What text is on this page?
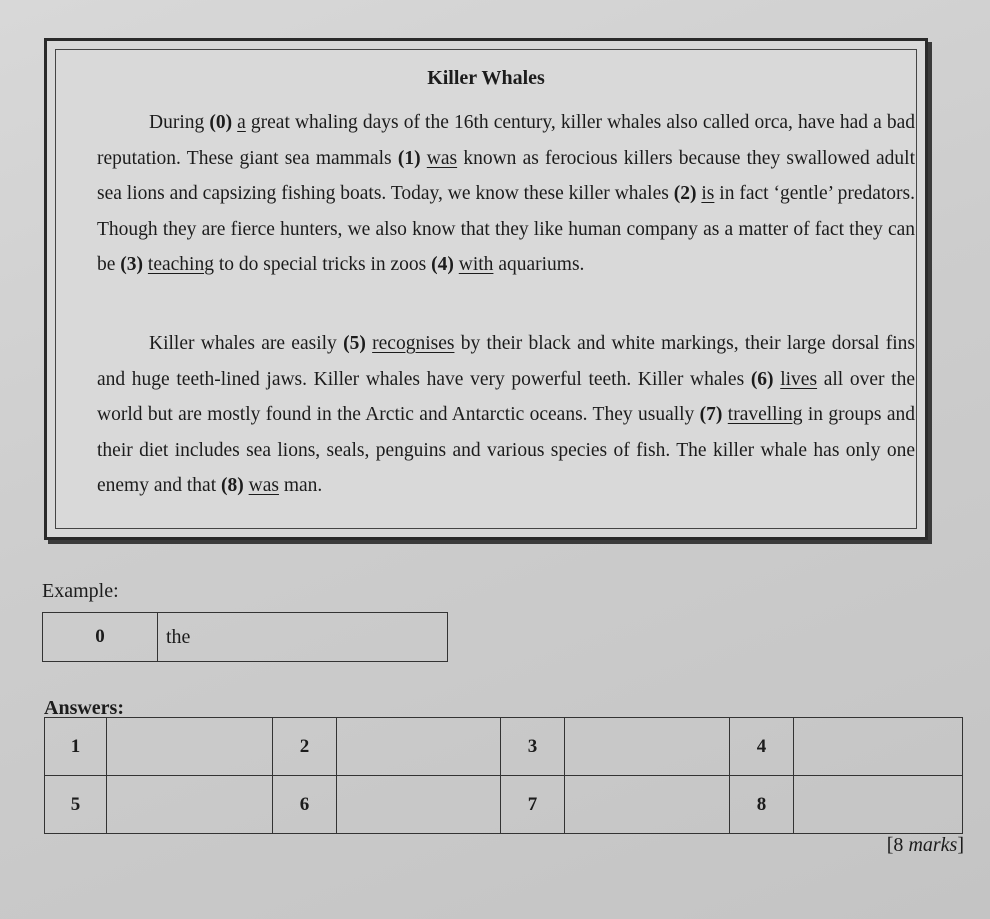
Killer Whales

During (0) a great whaling days of the 16th century, killer whales also called orca, have had a bad reputation. These giant sea mammals (1) was known as ferocious killers because they swallowed adult sea lions and capsizing fishing boats. Today, we know these killer whales (2) is in fact ‘gentle’ predators. Though they are fierce hunters, we also know that they like human company as a matter of fact they can be (3) teaching to do special tricks in zoos (4) with aquariums.

Killer whales are easily (5) recognises by their black and white markings, their large dorsal fins and huge teeth-lined jaws. Killer whales have very powerful teeth. Killer whales (6) lives all over the world but are mostly found in the Arctic and Antarctic oceans. They usually (7) travelling in groups and their diet includes sea lions, seals, penguins and various species of fish. The killer whale has only one enemy and that (8) was man.

Example:
0	the
Answers:
1		2		3		4	
5		6		7		8	
[8 marks]
